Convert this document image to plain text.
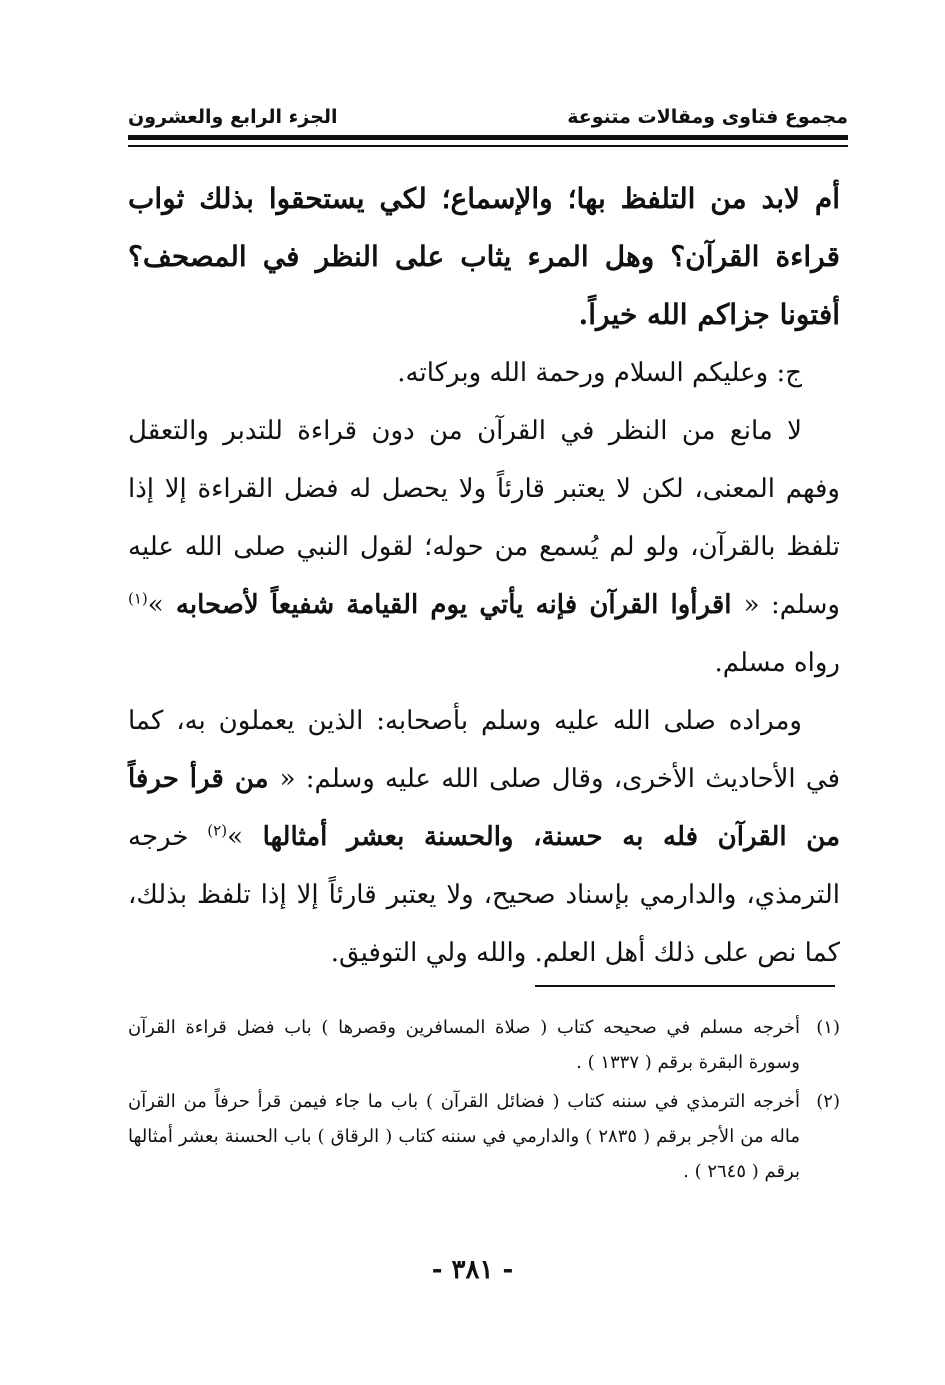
الجزء الرابع والعشرون	مجموع فتاوى ومقالات متنوعة

أم لابد من التلفظ بها؛ والإسماع؛ لكي يستحقوا بذلك ثواب قراءة القرآن؟ وهل المرء يثاب على النظر في المصحف؟ أفتونا جزاكم الله خيراً.

ج: وعليكم السلام ورحمة الله وبركاته.

لا مانع من النظر في القرآن من دون قراءة للتدبر والتعقل وفهم المعنى، لكن لا يعتبر قارئاً ولا يحصل له فضل القراءة إلا إذا تلفظ بالقرآن، ولو لم يُسمع من حوله؛ لقول النبي صلى الله عليه وسلم: « اقرأوا القرآن فإنه يأتي يوم القيامة شفيعاً لأصحابه »$^{(١)}$ رواه مسلم.

ومراده صلى الله عليه وسلم بأصحابه: الذين يعملون به، كما في الأحاديث الأخرى، وقال صلى الله عليه وسلم: « من قرأ حرفاً من القرآن فله به حسنة، والحسنة بعشر أمثالها »$^{(٢)}$ خرجه الترمذي، والدارمي بإسناد صحيح، ولا يعتبر قارئاً إلا إذا تلفظ بذلك، كما نص على ذلك أهل العلم. والله ولي التوفيق.

(١)
أخرجه مسلم في صحيحه كتاب ( صلاة المسافرين وقصرها ) باب فضل قراءة القرآن وسورة البقرة برقم ( ١٣٣٧ ) .
(٢)
أخرجه الترمذي في سننه كتاب ( فضائل القرآن ) باب ما جاء فيمن قرأ حرفاً من القرآن ماله من الأجر برقم ( ٢٨٣٥ ) والدارمي في سننه كتاب ( الرقاق ) باب الحسنة بعشر أمثالها برقم ( ٢٦٤٥ ) .
- ٣٨١ -
